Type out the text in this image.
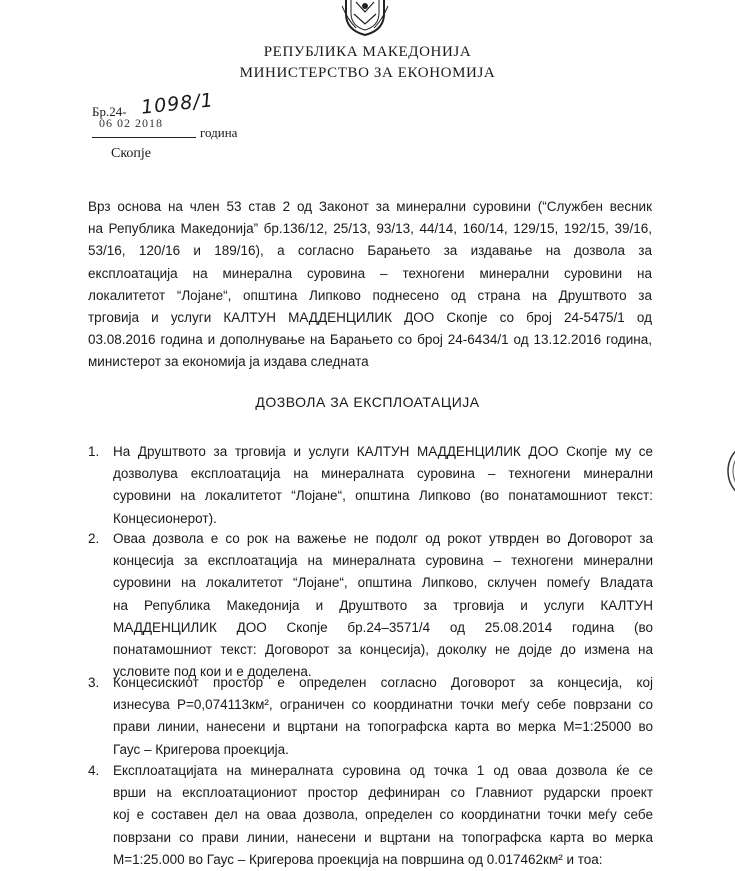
РЕПУБЛИКА МАКЕДОНИЈА
МИНИСТЕРСТВО ЗА ЕКОНОМИЈА
Бр.24- 1098/1
06 02 2018
година
Скопје
Врз основа на член 53 став 2 од Законот за минерални суровини (“Службен весник
на Република Македонија” бр.136/12, 25/13, 93/13, 44/14, 160/14, 129/15, 192/15, 39/16,
53/16, 120/16 и 189/16), а согласно Барањето за издавање на дозвола за
експлоатација на минерална суровина – техногени минерални суровини на
локалитетот “Лојане“, општина Липково поднесено од страна на Друштвото за
трговија и услуги КАЛТУН МАДДЕНЦИЛИК ДОО Скопје со број 24-5475/1 од
03.08.2016 година и дополнување на Барањето со број 24-6434/1 од 13.12.2016 година,
министерот за економија ја издава следната
ДОЗВОЛА ЗА ЕКСПЛОАТАЦИЈА
1. На Друштвото за трговија и услуги КАЛТУН МАДДЕНЦИЛИК ДОО Скопје му се
дозволува експлоатација на минералната суровина – техногени минерални
суровини на локалитетот “Лојане“, општина Липково (во понатамошниот текст:
Концесионерот).
2. Оваа дозвола е со рок на важење не подолг од рокот утврден во Договорот за
концесија за експлоатација на минералната суровина – техногени минерални
суровини на локалитетот “Лојане“, општина Липково, склучен помеѓу Владата
на Република Македонија и Друштвото за трговија и услуги КАЛТУН
МАДДЕНЦИЛИК ДОО Скопје бр.24–3571/4 од 25.08.2014 година (во
понатамошниот текст: Договорот за концесија), доколку не дојде до измена на
условите под кои и е доделена.
3. Концесискиот простор е определен согласно Договорот за концесија, кој
изнесува P=0,074113км², ограничен со координатни точки меѓу себе поврзани со
прави линии, нанесени и вцртани на топографска карта во мерка M=1:25000 во
Гаус – Кригерова проекција.
4. Експлоатацијата на минералната суровина од точка 1 од оваа дозвола ќе се
врши на експлоатациониот простор дефиниран со Главниот рударски проект
кој е составен дел на оваа дозвола, определен со координатни точки меѓу себе
поврзани со прави линии, нанесени и вцртани на топографска карта во мерка
M=1:25.000 во Гаус – Кригерова проекција на површина од 0.017462км² и тоа:
